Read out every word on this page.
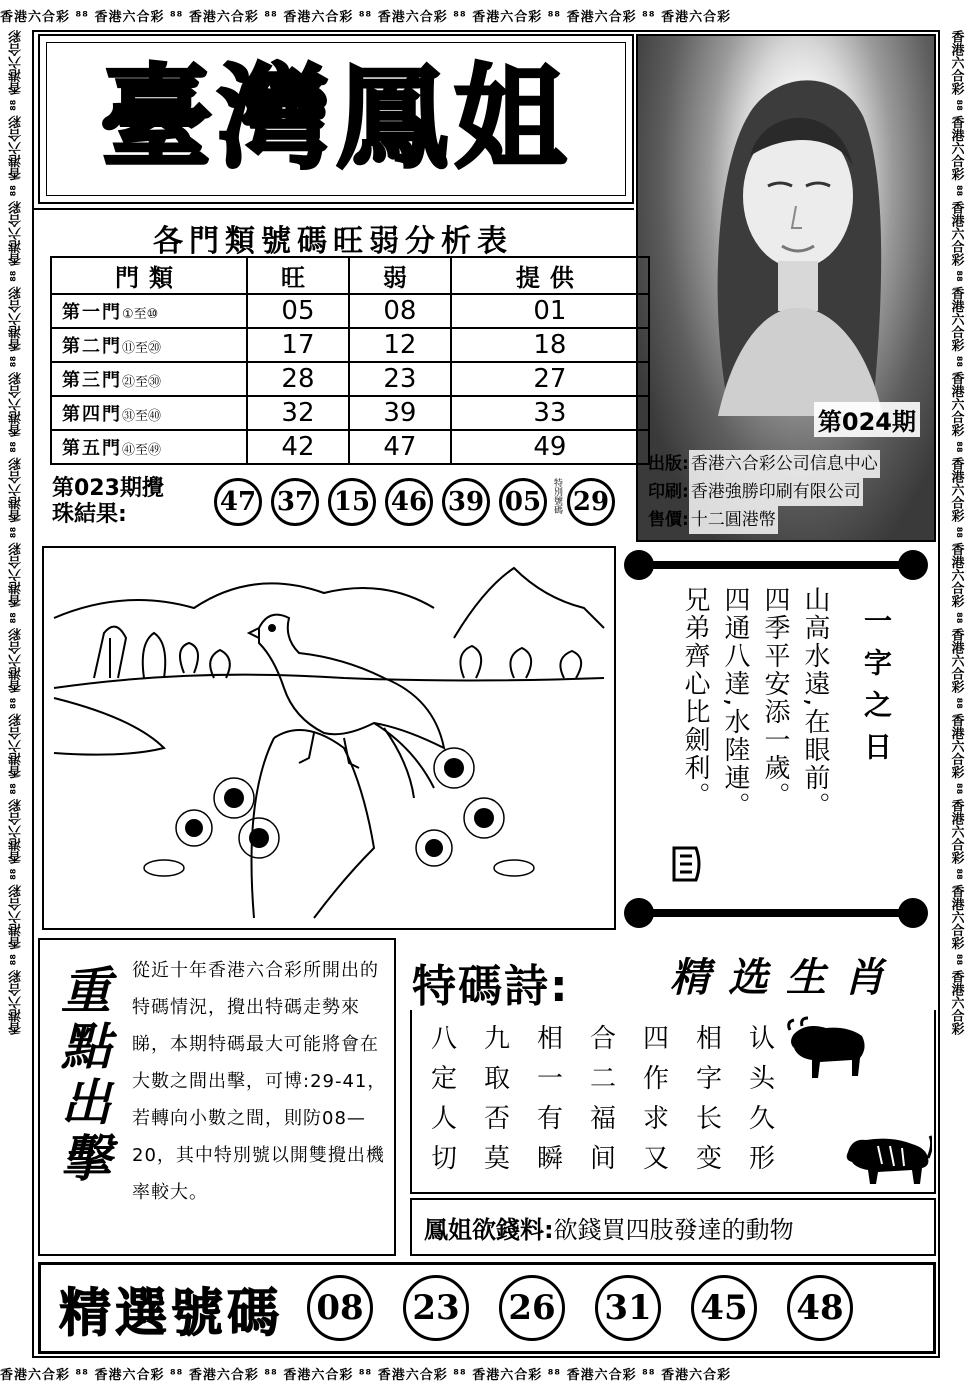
香港六合彩 ⁸⁸ 香港六合彩 ⁸⁸ 香港六合彩 ⁸⁸ 香港六合彩 ⁸⁸ 香港六合彩 ⁸⁸ 香港六合彩 ⁸⁸ 香港六合彩 ⁸⁸ 香港六合彩
香港六合彩 ⁸⁸ 香港六合彩 ⁸⁸ 香港六合彩 ⁸⁸ 香港六合彩 ⁸⁸ 香港六合彩 ⁸⁸ 香港六合彩 ⁸⁸ 香港六合彩 ⁸⁸ 香港六合彩
香港六合彩 ⁸⁸ 香港六合彩 ⁸⁸ 香港六合彩 ⁸⁸ 香港六合彩 ⁸⁸ 香港六合彩 ⁸⁸ 香港六合彩 ⁸⁸ 香港六合彩 ⁸⁸ 香港六合彩 ⁸⁸ 香港六合彩 ⁸⁸ 香港六合彩 ⁸⁸ 香港六合彩 ⁸⁸ 香港六合彩	香港六合彩 ⁸⁸ 香港六合彩 ⁸⁸ 香港六合彩 ⁸⁸ 香港六合彩 ⁸⁸ 香港六合彩 ⁸⁸ 香港六合彩 ⁸⁸ 香港六合彩 ⁸⁸ 香港六合彩 ⁸⁸ 香港六合彩 ⁸⁸ 香港六合彩 ⁸⁸ 香港六合彩 ⁸⁸ 香港六合彩
臺灣鳳姐
第024期
出版: 香港六合彩公司信息中心
印刷: 香港強勝印刷有限公司
售價: 十二圓港幣
各門類號碼旺弱分析表
門類	旺	弱	提供
第一門①至⑩	05	08	01
第二門⑪至⑳	17	12	18
第三門㉑至㉚	28	23	27
第四門㉛至㊵	32	39	33
第五門㊶至㊾	42	47	49
第023期攪
珠結果:	47 37 15 46 39 05	特別號碼 29
一字之日
山高水遠,在眼前。
四季平安添一歲。
四通八達,水陸連。
兄弟齊心比劍利。
重點出擊 從近十年香港六合彩所開出的特碼情況，攪出特碼走勢來睇，本期特碼最大可能將會在大數之間出擊，可博:29-41，若轉向小數之間，則防08—20，其中特別號以開雙攪出機率較大。
特碼詩:	精选生肖
八	九	相	合	四	相	认
定	取	一	二	作	字	头
人	否	有	福	求	长	久
切	莫	瞬	间	又	变	形
鳳姐欲錢料: 欲錢買四肢發達的動物
精選號碼 08 23 26 31 45 48
